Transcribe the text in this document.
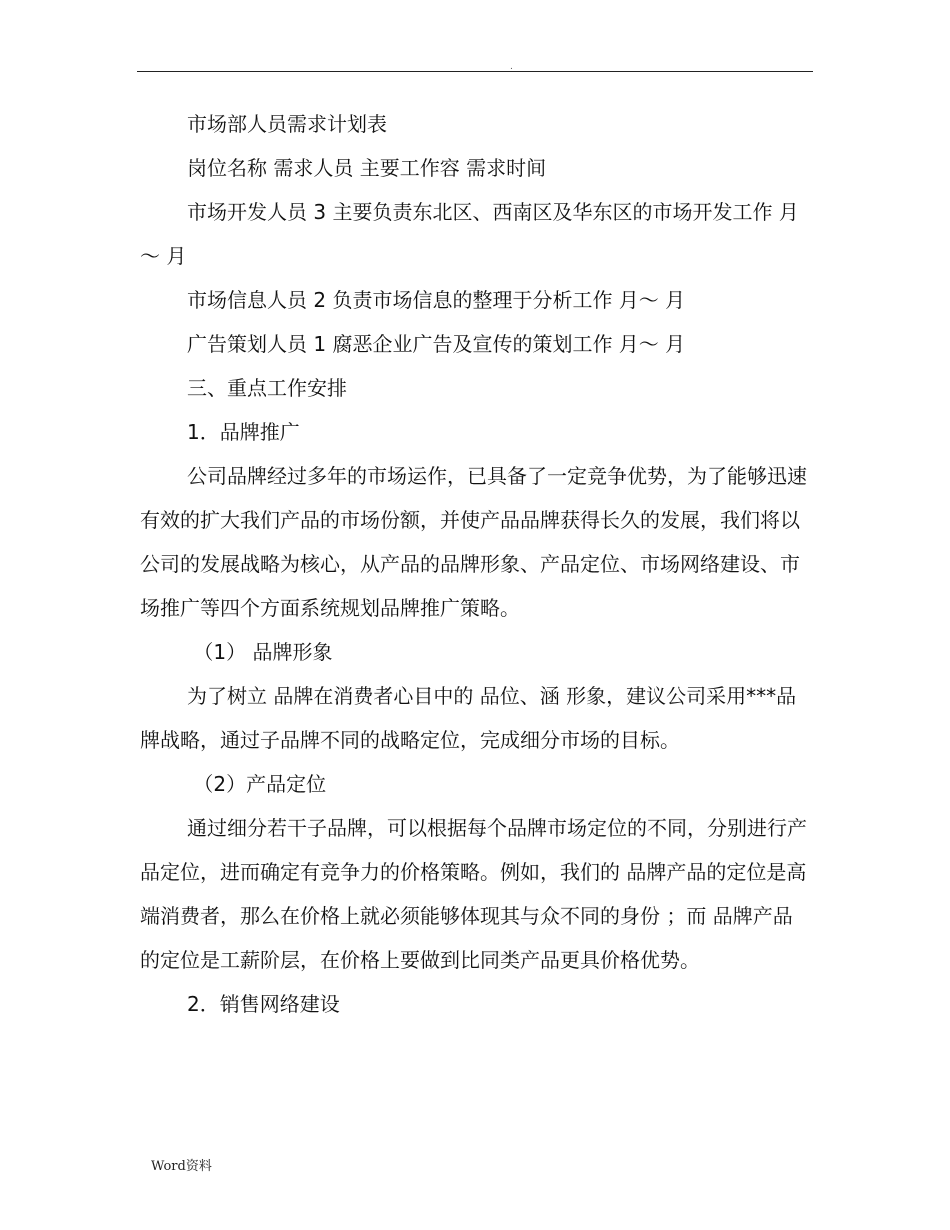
.

市场部人员需求计划表

岗位名称 需求人员 主要工作容 需求时间

市场开发人员 3 主要负责东北区、西南区及华东区的市场开发工作 月～ 月

市场信息人员 2 负责市场信息的整理于分析工作 月～ 月

广告策划人员 1 腐恶企业广告及宣传的策划工作 月～ 月

三、重点工作安排

1．品牌推广

公司品牌经过多年的市场运作，已具备了一定竞争优势，为了能够迅速有效的扩大我们产品的市场份额，并使产品品牌获得长久的发展，我们将以公司的发展战略为核心，从产品的品牌形象、产品定位、市场网络建设、市场推广等四个方面系统规划品牌推广策略。

（1） 品牌形象

为了树立 品牌在消费者心目中的 品位、涵 形象，建议公司采用***品牌战略，通过子品牌不同的战略定位，完成细分市场的目标。

（2）产品定位

通过细分若干子品牌，可以根据每个品牌市场定位的不同，分别进行产品定位，进而确定有竞争力的价格策略。例如，我们的 品牌产品的定位是高端消费者，那么在价格上就必须能够体现其与众不同的身份 ；而 品牌产品的定位是工薪阶层，在价格上要做到比同类产品更具价格优势。

2．销售网络建设

Word资料
